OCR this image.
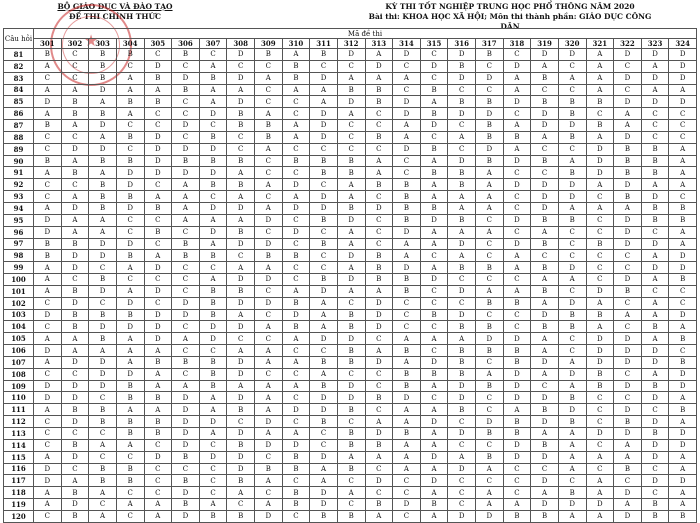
BỘ GIÁO DỤC VÀ ĐÀO TẠO
ĐỀ THI CHÍNH THỨC
KỲ THI TỐT NGHIỆP TRUNG HỌC PHỔ THÔNG NĂM 2020
Bài thi: KHOA HỌC XÃ HỘI; Môn thi thành phần: GIÁO DỤC CÔNG DÂN
★
Câu hỏi	Mã đề thi																							
	301	302	303	304	305	306	307	308	309	310	311	312	313	314	315	316	317	318	319	320	321	322	323	324
81	B	C	B	B	C	B	C	D	B	A	B	D	A	D	C	D	B	C	D	D	A	D	D	D
82	A	C	B	C	D	C	A	C	C	B	C	C	D	C	D	B	C	D	A	C	A	C	A	D
83	C	C	B	A	B	D	B	D	A	B	D	A	A	A	C	D	D	A	B	A	A	D	D	D
84	A	A	D	A	A	B	A	A	C	A	A	B	B	C	B	C	C	A	C	C	A	C	A	A
85	D	B	A	B	B	C	A	D	C	C	A	D	B	D	A	B	B	D	B	B	B	D	D	D
86	A	B	B	A	C	C	D	B	A	C	D	A	C	D	B	D	D	C	D	B	C	A	C	C
87	B	A	D	C	C	D	C	B	B	A	D	C	C	A	D	C	B	A	D	D	B	A	C	C
88	C	C	A	B	D	C	B	C	B	A	D	C	B	A	C	A	B	B	A	B	A	D	C	C
89	C	D	D	C	D	D	D	C	A	C	C	C	C	D	B	C	D	A	C	C	D	B	B	A
90	B	A	B	B	D	B	B	B	C	B	B	B	A	C	A	D	B	D	B	A	D	B	B	A
91	A	B	A	D	D	D	D	A	C	C	B	B	A	C	B	B	A	C	C	B	D	B	B	A
92	C	C	B	D	C	A	B	B	A	D	C	A	B	B	A	B	A	D	D	D	A	D	A	A
93	C	A	B	B	A	A	C	A	C	A	D	A	C	B	A	A	A	C	D	D	C	B	D	C
94	A	D	B	D	B	A	D	D	A	D	D	B	D	B	B	A	A	C	D	A	A	A	B	B
95	D	A	A	C	C	A	A	A	D	C	B	D	C	B	D	B	C	D	B	B	C	D	B	B
96	D	A	A	C	B	C	D	B	C	D	C	A	C	D	A	A	A	C	A	C	C	D	C	A
97	B	B	D	D	C	B	A	D	D	C	B	A	C	A	A	D	C	D	B	C	B	D	D	A
98	B	D	D	B	A	B	B	C	B	B	C	D	B	A	C	A	C	A	C	C	C	C	A	D
99	A	D	C	A	D	C	C	A	A	C	C	A	B	D	A	B	B	A	B	D	C	C	D	D
100	A	C	B	C	C	C	A	D	D	C	B	D	B	B	D	C	C	C	A	A	C	D	A	B
101	A	B	D	A	D	C	B	B	C	A	D	A	A	B	C	D	A	A	B	C	D	B	C	C
102	C	D	C	D	C	D	B	D	D	B	A	C	D	C	C	C	B	B	A	D	A	C	A	C
103	D	B	B	B	D	D	B	A	C	D	A	B	D	C	B	D	C	C	D	B	B	A	A	D
104	C	B	D	D	D	C	D	D	A	B	A	B	D	C	C	B	B	C	B	B	A	C	B	A
105	A	A	B	A	D	A	D	C	C	A	D	D	C	A	A	A	D	D	A	C	D	D	A	B
106	D	A	A	A	A	C	C	A	A	C	C	B	A	B	C	B	B	B	A	C	D	D	D	C
107	A	D	D	A	B	B	B	D	A	A	B	B	D	A	D	B	C	B	D	A	D	D	D	B
108	C	C	D	D	A	C	B	D	C	C	A	C	C	B	B	B	A	D	A	D	B	C	A	D
109	D	D	D	B	A	A	B	A	A	A	B	D	C	B	A	D	B	D	C	A	B	D	B	D
110	D	D	C	B	B	D	A	D	A	C	D	D	B	D	C	D	C	D	D	B	C	C	D	A
111	A	B	B	A	A	D	A	B	A	D	D	B	C	A	A	B	C	A	B	D	C	D	C	B
112	C	D	B	B	B	D	D	C	D	C	B	C	A	A	D	C	D	B	D	B	C	B	D	A
113	C	C	C	B	B	D	A	D	A	A	C	B	D	B	A	D	B	B	A	A	D	D	B	D
114	C	B	A	A	C	D	C	B	D	D	C	B	B	A	A	C	C	D	B	A	C	A	D	D
115	A	D	C	C	D	B	D	D	C	B	D	A	A	A	D	A	B	D	D	A	A	A	D	A
116	D	C	B	B	C	C	C	D	B	B	A	B	C	A	A	D	A	C	C	A	C	B	C	A
117	D	A	B	B	C	B	C	B	A	C	A	C	D	C	D	C	C	C	D	C	A	C	D	D
118	A	B	A	C	C	D	C	A	C	B	D	A	C	C	A	C	A	C	A	B	A	D	C	A
119	A	D	C	A	A	B	A	C	A	B	D	C	B	D	B	C	A	A	D	D	D	A	B	A
120	C	B	A	C	A	D	B	B	D	C	B	B	A	C	A	D	D	B	B	A	A	D	B	B
